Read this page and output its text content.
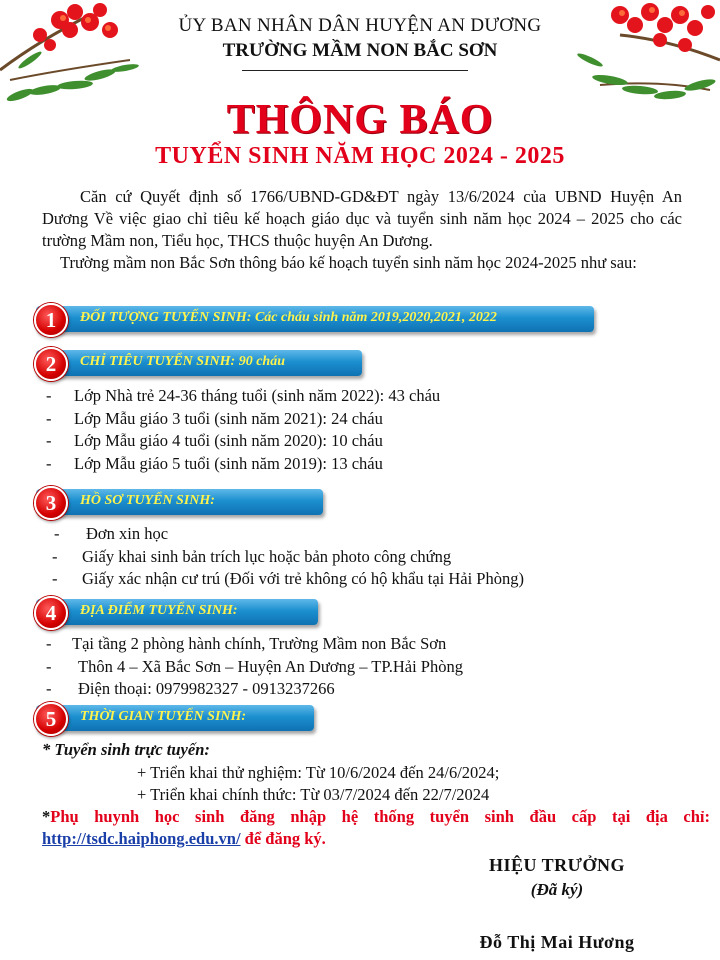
ỦY BAN NHÂN DÂN HUYỆN AN DƯƠNG
TRƯỜNG MẦM NON BẮC SƠN
THÔNG BÁO
TUYỂN SINH NĂM HỌC 2024 - 2025
Căn cứ Quyết định số 1766/UBND-GD&ĐT ngày 13/6/2024 của UBND Huyện An Dương Về việc giao chỉ tiêu kế hoạch giáo dục và tuyển sinh năm học 2024 – 2025 cho các trường Mầm non, Tiểu học, THCS thuộc huyện An Dương.
Trường mầm non Bắc Sơn thông báo kế hoạch tuyển sinh năm học 2024-2025 như sau:
ĐỐI TƯỢNG TUYỂN SINH: Các cháu sinh năm 2019,2020,2021, 2022
1
CHỈ TIÊU TUYỂN SINH: 90 cháu
2
- Lớp Nhà trẻ 24-36 tháng tuổi (sinh năm 2022): 43 cháu
- Lớp Mẫu giáo 3 tuổi (sinh năm 2021): 24 cháu
- Lớp Mẫu giáo 4 tuổi (sinh năm 2020): 10 cháu
- Lớp Mẫu giáo 5 tuổi (sinh năm 2019): 13 cháu
HỒ SƠ TUYỂN SINH:
3
- Đơn xin học
- Giấy khai sinh bản trích lục hoặc bản photo công chứng
- Giấy xác nhận cư trú (Đối với trẻ không có hộ khẩu tại Hải Phòng)
ĐỊA ĐIỂM TUYỂN SINH:
4
- Tại tầng 2 phòng hành chính, Trường Mầm non Bắc Sơn
- Thôn 4 – Xã Bắc Sơn – Huyện An Dương – TP.Hải Phòng
- Điện thoại: 0979982327 - 0913237266
THỜI GIAN TUYỂN SINH:
5
* Tuyển sinh trực tuyến:
+ Triển khai thử nghiệm: Từ 10/6/2024 đến 24/6/2024;
+ Triển khai chính thức: Từ 03/7/2024 đến 22/7/2024
*Phụ huynh học sinh đăng nhập hệ thống tuyển sinh đầu cấp tại địa chỉ: http://tsdc.haiphong.edu.vn/ để đăng ký.
HIỆU TRƯỞNG
(Đã ký)
Đỗ Thị Mai Hương
